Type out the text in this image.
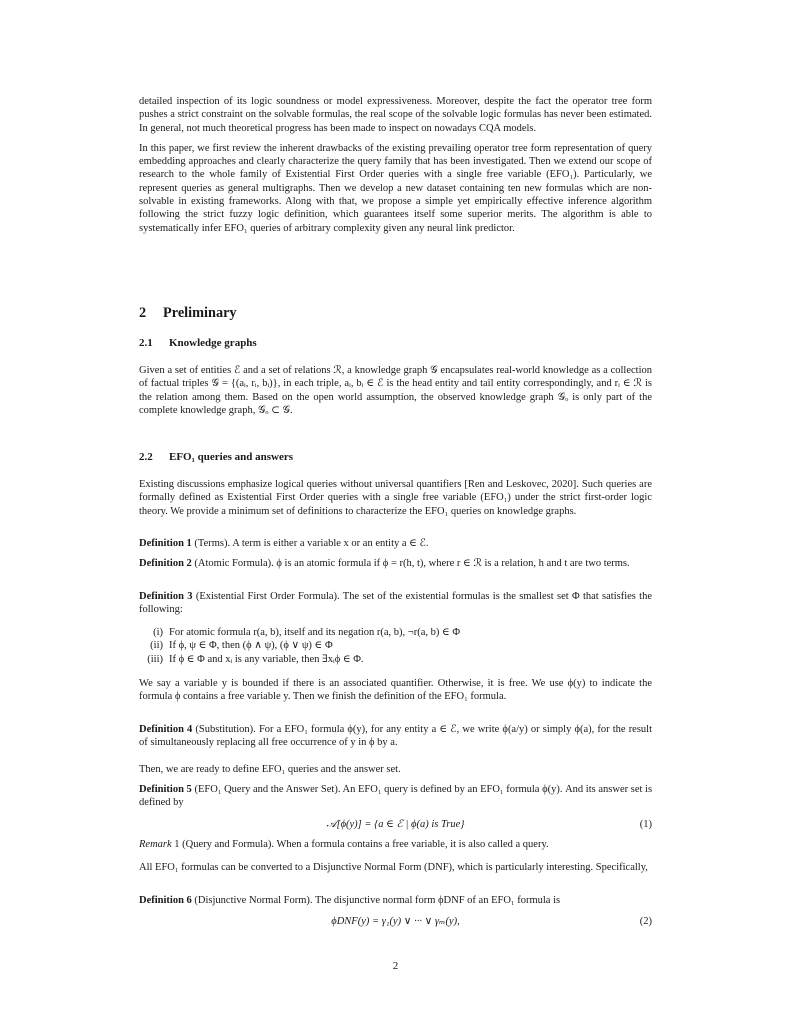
detailed inspection of its logic soundness or model expressiveness. Moreover, despite the fact the operator tree form pushes a strict constraint on the solvable formulas, the real scope of the solvable logic formulas has never been estimated. In general, not much theoretical progress has been made to inspect on nowadays CQA models.

In this paper, we first review the inherent drawbacks of the existing prevailing operator tree form representation of query embedding approaches and clearly characterize the query family that has been investigated. Then we extend our scope of research to the whole family of Existential First Order queries with a single free variable (EFO₁). Particularly, we represent queries as general multigraphs. Then we develop a new dataset containing ten new formulas which are non-solvable in existing frameworks. Along with that, we propose a simple yet empirically effective inference algorithm following the strict fuzzy logic definition, which guarantees itself some superior merits. The algorithm is able to systematically infer EFO₁ queries of arbitrary complexity given any neural link predictor.

2 Preliminary
2.1 Knowledge graphs

Given a set of entities ℰ and a set of relations ℛ, a knowledge graph 𝒢 encapsulates real-world knowledge as a collection of factual triples 𝒢 = {(aᵢ, rᵢ, bᵢ)}, in each triple, aᵢ, bᵢ ∈ ℰ is the head entity and tail entity correspondingly, and rᵢ ∈ ℛ is the relation among them. Based on the open world assumption, the observed knowledge graph 𝒢ₒ is only part of the complete knowledge graph, 𝒢ₒ ⊂ 𝒢.

2.2 EFO₁ queries and answers

Existing discussions emphasize logical queries without universal quantifiers [Ren and Leskovec, 2020]. Such queries are formally defined as Existential First Order queries with a single free variable (EFO₁) under the strict first-order logic theory. We provide a minimum set of definitions to characterize the EFO₁ queries on knowledge graphs.

Definition 1 (Terms). A term is either a variable x or an entity a ∈ ℰ.

Definition 2 (Atomic Formula). ϕ is an atomic formula if ϕ = r(h, t), where r ∈ ℛ is a relation, h and t are two terms.

Definition 3 (Existential First Order Formula). The set of the existential formulas is the smallest set Φ that satisfies the following:

(i) For atomic formula r(a, b), itself and its negation r(a, b), ¬r(a, b) ∈ Φ
(ii) If ϕ, ψ ∈ Φ, then (ϕ ∧ ψ), (ϕ ∨ ψ) ∈ Φ
(iii) If ϕ ∈ Φ and xᵢ is any variable, then ∃xᵢϕ ∈ Φ.

We say a variable y is bounded if there is an associated quantifier. Otherwise, it is free. We use ϕ(y) to indicate the formula ϕ contains a free variable y. Then we finish the definition of the EFO₁ formula.

Definition 4 (Substitution). For a EFO₁ formula ϕ(y), for any entity a ∈ ℰ, we write ϕ(a/y) or simply ϕ(a), for the result of simultaneously replacing all free occurrence of y in ϕ by a.

Then, we are ready to define EFO₁ queries and the answer set.

Definition 5 (EFO₁ Query and the Answer Set). An EFO₁ query is defined by an EFO₁ formula ϕ(y). And its answer set is defined by

𝒜[ϕ(y)] = {a ∈ ℰ | ϕ(a) is True}	(1)

Remark 1 (Query and Formula). When a formula contains a free variable, it is also called a query.

All EFO₁ formulas can be converted to a Disjunctive Normal Form (DNF), which is particularly interesting. Specifically,

Definition 6 (Disjunctive Normal Form). The disjunctive normal form ϕDNF of an EFO₁ formula is

ϕDNF(y) = γ₁(y) ∨ ··· ∨ γₘ(y),	(2)
2
